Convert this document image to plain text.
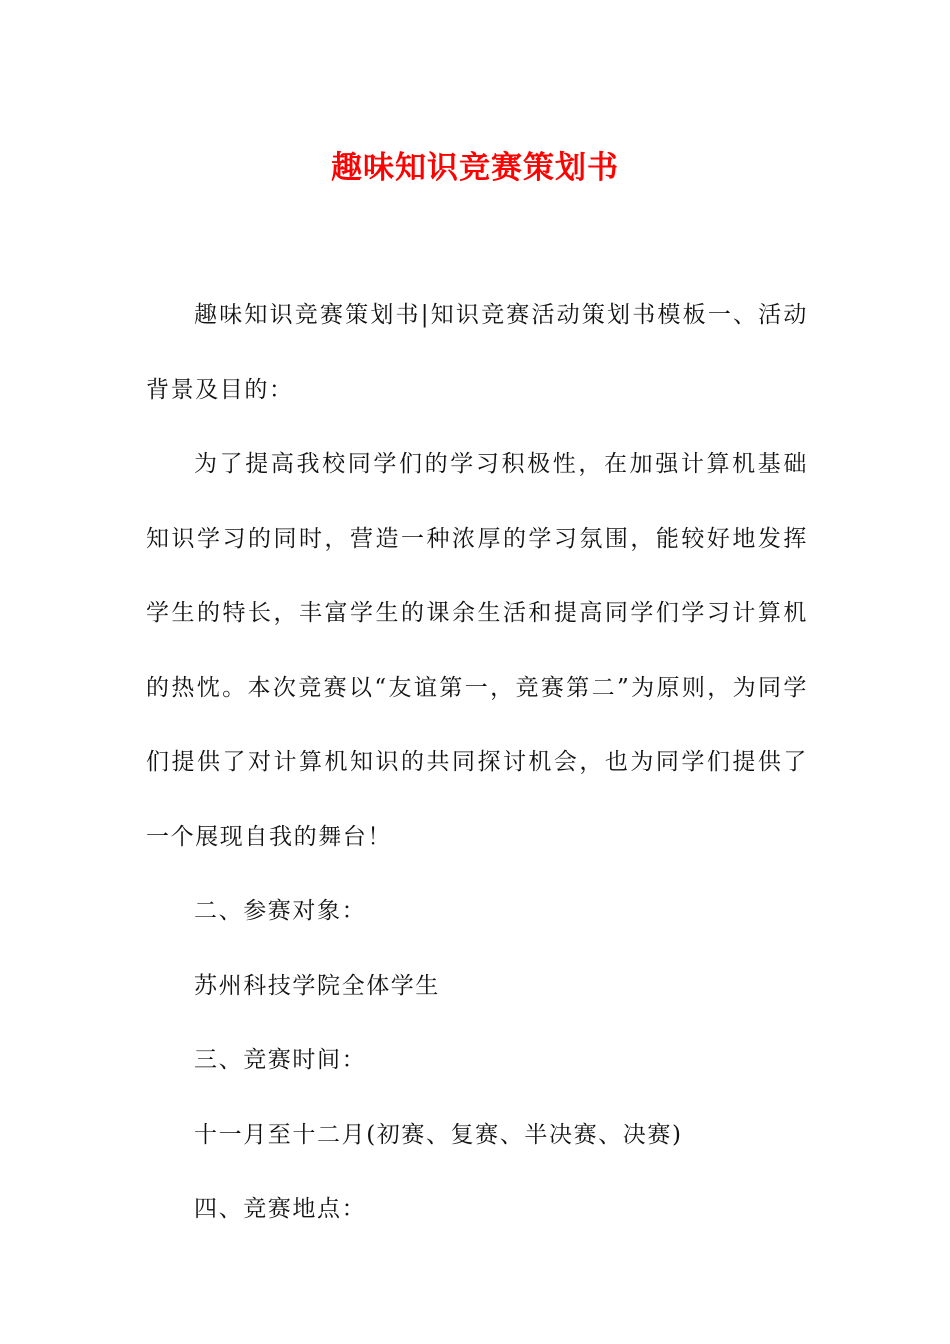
趣味知识竞赛策划书

趣味知识竞赛策划书|知识竞赛活动策划书模板一、活动背景及目的：

为了提高我校同学们的学习积极性，在加强计算机基础知识学习的同时，营造一种浓厚的学习氛围，能较好地发挥学生的特长，丰富学生的课余生活和提高同学们学习计算机的热忱。本次竞赛以“友谊第一，竞赛第二”为原则，为同学们提供了对计算机知识的共同探讨机会，也为同学们提供了一个展现自我的舞台！

二、参赛对象：

苏州科技学院全体学生

三、竞赛时间：

十一月至十二月(初赛、复赛、半决赛、决赛)

四、竞赛地点：
